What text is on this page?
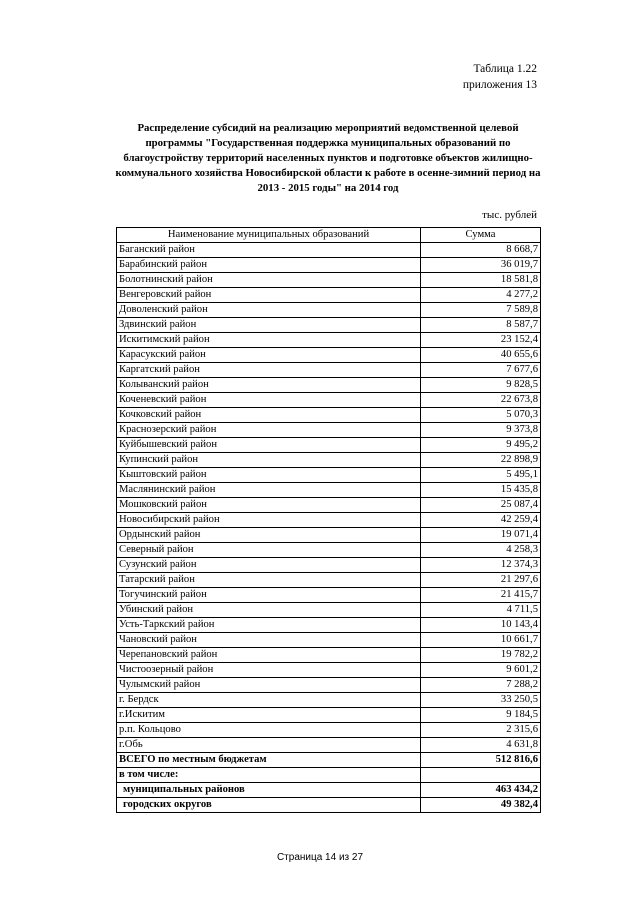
Таблица 1.22
приложения 13
Распределение субсидий на реализацию мероприятий ведомственной целевой программы "Государственная поддержка муниципальных образований по благоустройству территорий населенных пунктов и подготовке объектов жилищно-коммунального хозяйства Новосибирской области к работе в осенне-зимний период на 2013 - 2015 годы" на 2014 год
тыс. рублей
Наименование муниципальных образований	Сумма
Баганский район	8 668,7
Барабинский район	36 019,7
Болотнинский район	18 581,8
Венгеровский район	4 277,2
Доволенский район	7 589,8
Здвинский район	8 587,7
Искитимский район	23 152,4
Карасукский район	40 655,6
Каргатский район	7 677,6
Колыванский район	9 828,5
Коченевский район	22 673,8
Кочковский район	5 070,3
Краснозерский район	9 373,8
Куйбышевский район	9 495,2
Купинский район	22 898,9
Кыштовский район	5 495,1
Маслянинский район	15 435,8
Мошковский район	25 087,4
Новосибирский район	42 259,4
Ордынский район	19 071,4
Северный район	4 258,3
Сузунский район	12 374,3
Татарский район	21 297,6
Тогучинский район	21 415,7
Убинский район	4 711,5
Усть-Таркский район	10 143,4
Чановский район	10 661,7
Черепановский район	19 782,2
Чистоозерный район	9 601,2
Чулымский район	7 288,2
г. Бердск	33 250,5
г.Искитим	9 184,5
р.п. Кольцово	2 315,6
г.Обь	4 631,8
ВСЕГО по местным бюджетам	512 816,6
в том числе:	
муниципальных районов	463 434,2
городских округов	49 382,4
Страница 14 из 27
